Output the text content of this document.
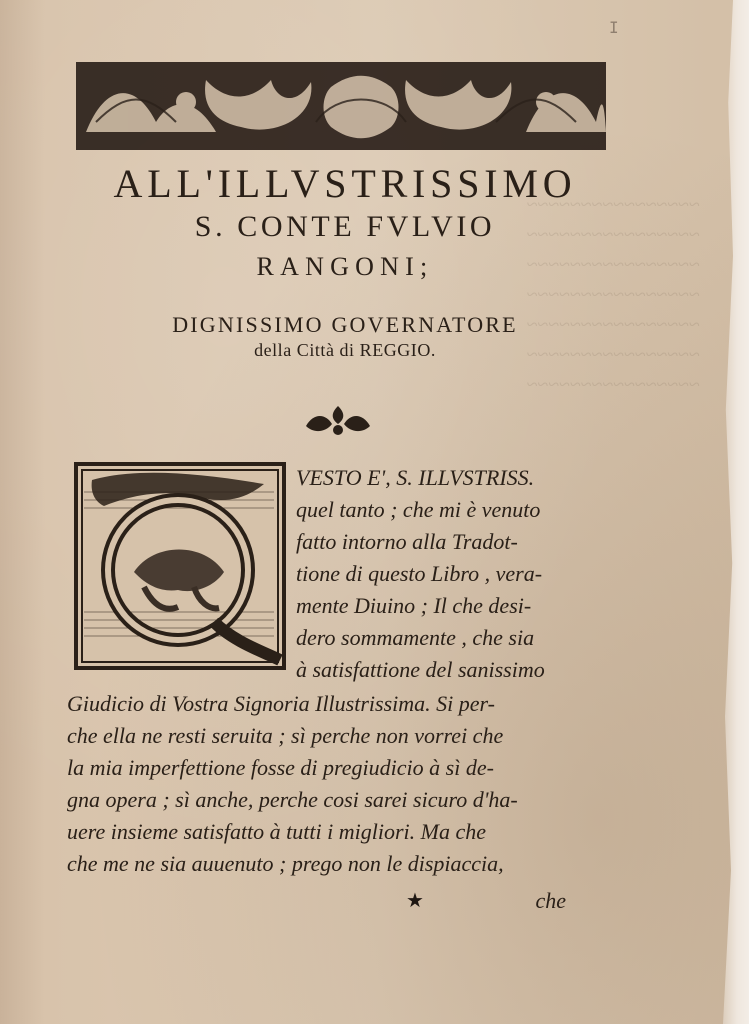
I
~~~~~~~~~~~~~~~~
~~~~~~~~~~~~~~~~
~~~~~~~~~~~~~~~~
~~~~~~~~~~~~~~~~
~~~~~~~~~~~~~~~~
~~~~~~~~~~~~~~~~
~~~~~~~~~~~~~~~~
ALL'ILLVSTRISSIMO
S. CONTE FVLVIO
RANGONI;
DIGNISSIMO GOVERNATORE
della Città di REGGIO.
VESTO E', S. ILLVSTRISS.
quel tanto ; che mi è venuto
fatto intorno alla Tradot-
tione di questo Libro , vera-
mente Diuino ; Il che desi-
dero sommamente , che sia
à satisfattione del sanissimo
Giudicio di Vostra Signoria Illustrissima. Si per-
che ella ne resti seruita ; sì perche non vorrei che
la mia imperfettione fosse di pregiudicio à sì de-
gna opera ; sì anche, perche cosi sarei sicuro d'ha-
uere insieme satisfatto à tutti i migliori. Ma che
che me ne sia auuenuto ; prego non le dispiaccia,
★	che
